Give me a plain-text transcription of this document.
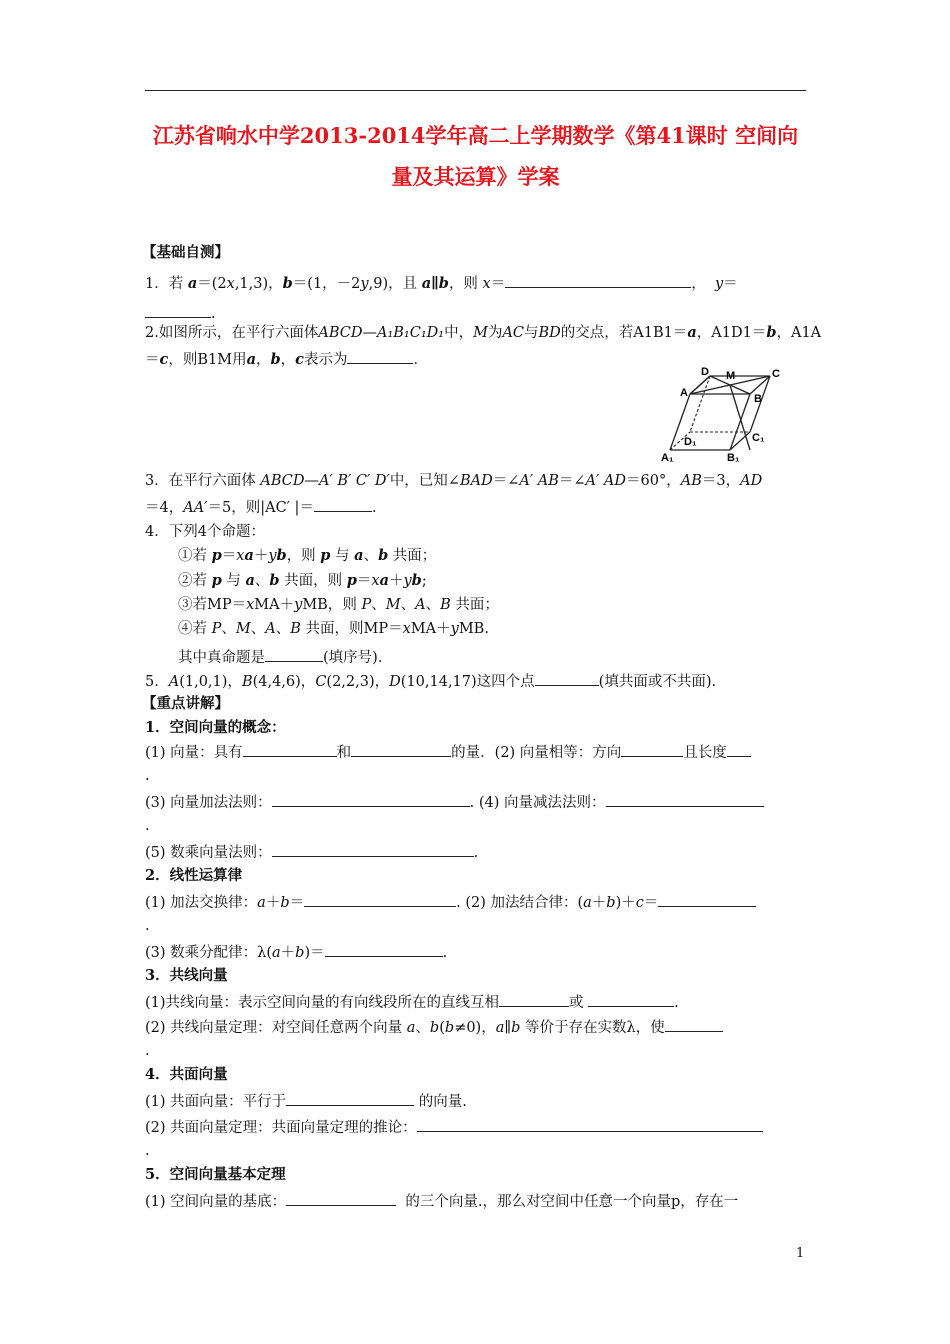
江苏省响水中学2013-2014学年高二上学期数学《第41课时 空间向
量及其运算》学案
【基础自测】
1．若 a＝(2x,1,3)，b＝(1，－2y,9)，且 a∥b，则 x＝	， y＝
.
2.如图所示，在平行六面体ABCD—A₁B₁C₁D₁中，M为AC与BD的交点，若A1B1＝a，A1D1＝b，A1A
＝c，则B1M用a，b，c表示为	．
D M	C
A	B
D₁	C₁
A₁	B₁
3．在平行六面体 ABCD—A′ B′ C′ D′中，已知∠BAD＝∠A′ AB＝∠A′ AD＝60°，AB＝3，AD
＝4，AA′＝5，则|AC′ |＝	.
4．下列4个命题：
①若 p＝xa＋yb，则 p 与 a、b 共面；
②若 p 与 a、b 共面，则 p＝xa＋yb;
③若MP＝xMA＋yMB，则 P、M、A、B 共面；
④若 P、M、A、B 共面，则MP＝xMA＋yMB.
其中真命题是	(填序号)．
5．A(1,0,1)，B(4,4,6)，C(2,2,3)，D(10,14,17)这四个点	(填共面或不共面).
【重点讲解】
1．空间向量的概念：
(1) 向量：具有	和	的量．(2) 向量相等：方向	且长度
.
(3) 向量加法法则：	. (4) 向量减法法则：
.
(5) 数乘向量法则：	.
2．线性运算律
(1) 加法交换律：a＋b＝	. (2) 加法结合律：(a＋b)＋c＝
.
(3) 数乘分配律：λ(a＋b)＝	.
3．共线向量
(1)共线向量：表示空间向量的有向线段所在的直线互相	或	.
(2) 共线向量定理：对空间任意两个向量 a、b(b≠0)，a∥b 等价于存在实数λ，使
.
4．共面向量
(1) 共面向量：平行于	的向量.
(2) 共面向量定理：共面向量定理的推论：
.
5．空间向量基本定理
(1) 空间向量的基底：	的三个向量.，那么对空间中任意一个向量p，存在一
1
